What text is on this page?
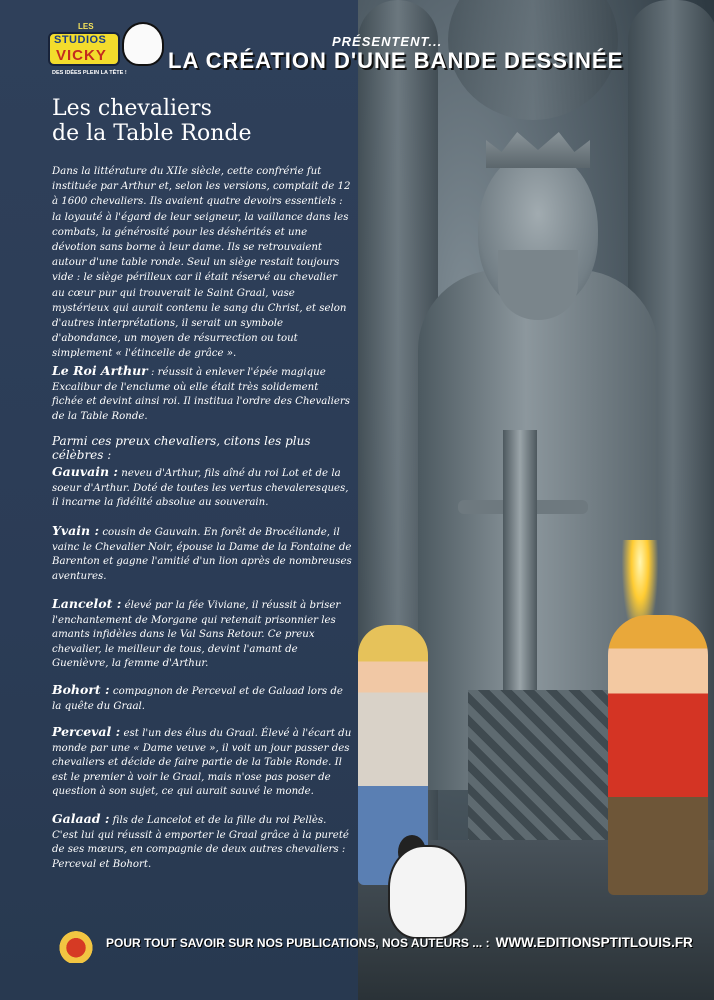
LES
STUDIOS
VICKY
DES IDÉES PLEIN LA TÊTE !
PRÉSENTENT...
LA CRÉATION D'UNE BANDE DESSINÉE
Les chevaliers
de la Table Ronde

Dans la littérature du XIIe siècle, cette confrérie fut instituée par Arthur et, selon les versions, comptait de 12 à 1600 chevaliers. Ils avaient quatre devoirs essentiels : la loyauté à l'égard de leur seigneur, la vaillance dans les combats, la générosité pour les déshérités et une dévotion sans borne à leur dame. Ils se retrouvaient autour d'une table ronde. Seul un siège restait toujours vide : le siège périlleux car il était réservé au chevalier au cœur pur qui trouverait le Saint Graal, vase mystérieux qui aurait contenu le sang du Christ, et selon d'autres interprétations, il serait un symbole d'abondance, un moyen de résurrection ou tout simplement « l'étincelle de grâce ».

Le Roi Arthur : réussit à enlever l'épée magique Excalibur de l'enclume où elle était très solidement fichée et devint ainsi roi. Il institua l'ordre des Chevaliers de la Table Ronde.

Parmi ces preux chevaliers, citons les plus célèbres :

Gauvain : neveu d'Arthur, fils aîné du roi Lot et de la soeur d'Arthur. Doté de toutes les vertus chevaleresques, il incarne la fidélité absolue au souverain.

Yvain : cousin de Gauvain. En forêt de Brocéliande, il vainc le Chevalier Noir, épouse la Dame de la Fontaine de Barenton et gagne l'amitié d'un lion après de nombreuses aventures.

Lancelot : élevé par la fée Viviane, il réussit à briser l'enchantement de Morgane qui retenait prisonnier les amants infidèles dans le Val Sans Retour. Ce preux chevalier, le meilleur de tous, devint l'amant de Guenièvre, la femme d'Arthur.

Bohort : compagnon de Perceval et de Galaad lors de la quête du Graal.

Perceval : est l'un des élus du Graal. Élevé à l'écart du monde par une « Dame veuve », il voit un jour passer des chevaliers et décide de faire partie de la Table Ronde. Il est le premier à voir le Graal, mais n'ose pas poser de question à son sujet, ce qui aurait sauvé le monde.

Galaad : fils de Lancelot et de la fille du roi Pellès. C'est lui qui réussit à emporter le Graal grâce à la pureté de ses mœurs, en compagnie de deux autres chevaliers : Perceval et Bohort.

POUR TOUT SAVOIR SUR NOS PUBLICATIONS, NOS AUTEURS ... : WWW.EDITIONSPTITLOUIS.FR
